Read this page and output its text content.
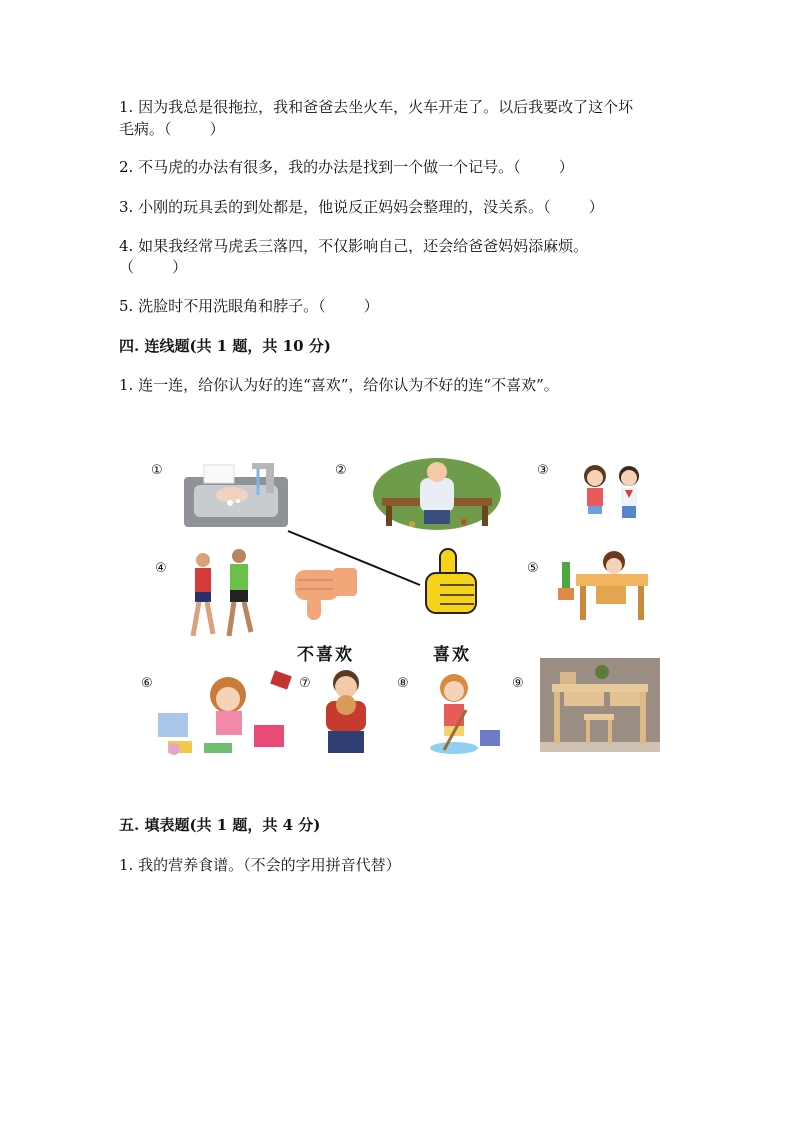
1. 因为我总是很拖拉，我和爸爸去坐火车，火车开走了。以后我要改了这个坏
毛病。（        ）
2. 不马虎的办法有很多，我的办法是找到一个做一个记号。（        ）
3. 小刚的玩具丢的到处都是，他说反正妈妈会整理的，没关系。（        ）
4. 如果我经常马虎丢三落四，不仅影响自己，还会给爸爸妈妈添麻烦。
（        ）
5. 洗脸时不用洗眼角和脖子。（        ）
四. 连线题(共 1 题，共 10 分)
1. 连一连，给你认为好的连“喜欢”，给你认为不好的连“不喜欢”。
①	②	③
④	⑤
⑥	⑦	⑧	⑨
不喜欢	喜欢
五. 填表题(共 1 题，共 4 分)
1. 我的营养食谱。（不会的字用拼音代替）
